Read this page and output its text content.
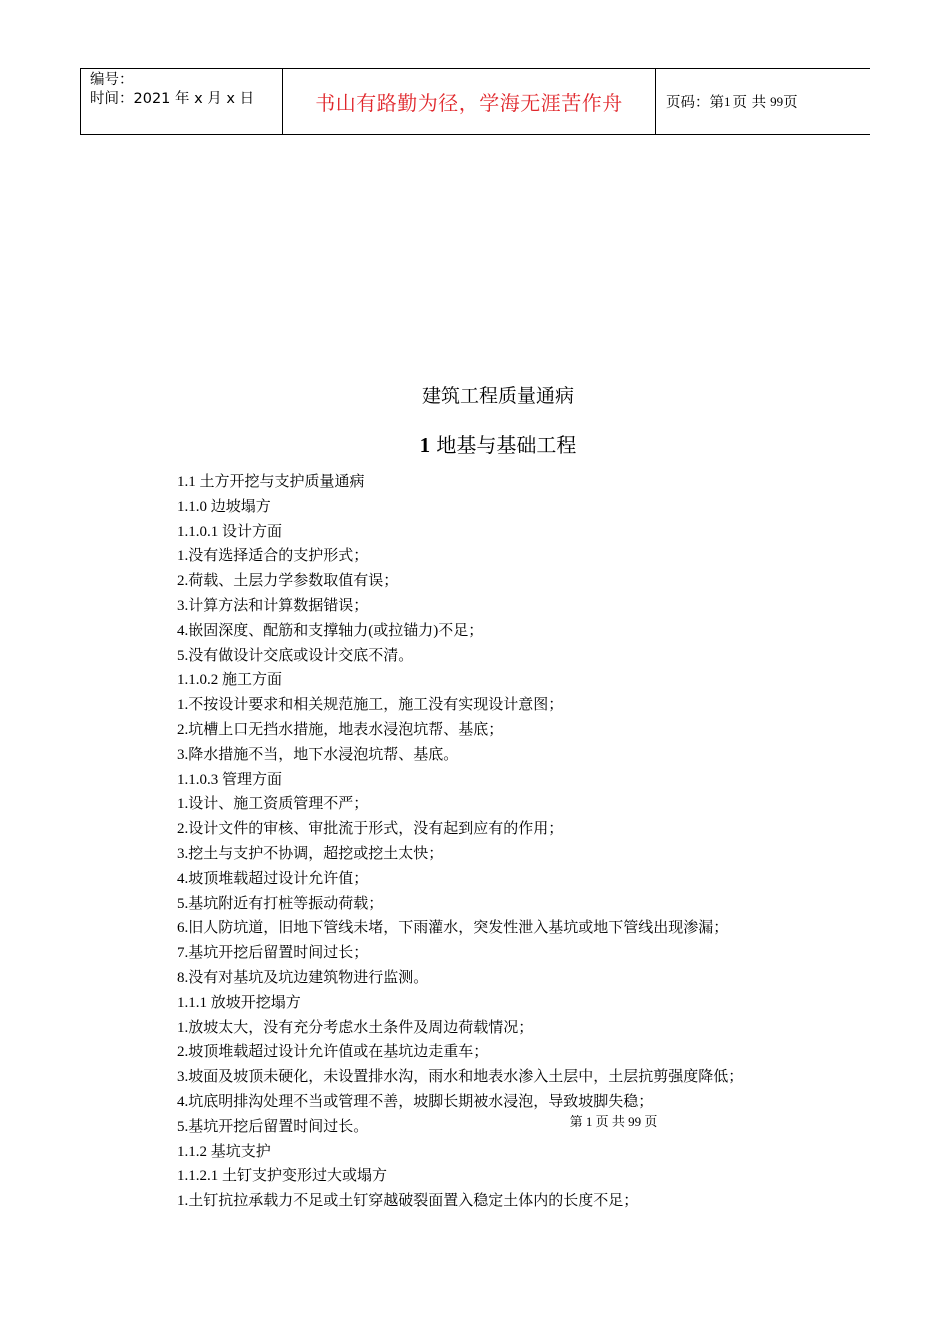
编号：
时间：2021 年 x 月 x 日	书山有路勤为径，学海无涯苦作舟	页码：第 1 页 共 99 页
建筑工程质量通病
1 地基与基础工程
1.1 土方开挖与支护质量通病
1.1.0 边坡塌方
1.1.0.1 设计方面
1.没有选择适合的支护形式；
2.荷载、土层力学参数取值有误；
3.计算方法和计算数据错误；
4.嵌固深度、配筋和支撑轴力(或拉锚力)不足；
5.没有做设计交底或设计交底不清。
1.1.0.2 施工方面
1.不按设计要求和相关规范施工，施工没有实现设计意图；
2.坑槽上口无挡水措施，地表水浸泡坑帮、基底；
3.降水措施不当，地下水浸泡坑帮、基底。
1.1.0.3 管理方面
1.设计、施工资质管理不严；
2.设计文件的审核、审批流于形式，没有起到应有的作用；
3.挖土与支护不协调，超挖或挖土太快；
4.坡顶堆载超过设计允许值；
5.基坑附近有打桩等振动荷载；
6.旧人防坑道，旧地下管线未堵，下雨灌水，突发性泄入基坑或地下管线出现渗漏；
7.基坑开挖后留置时间过长；
8.没有对基坑及坑边建筑物进行监测。
1.1.1 放坡开挖塌方
1.放坡太大，没有充分考虑水土条件及周边荷载情况；
2.坡顶堆载超过设计允许值或在基坑边走重车；
3.坡面及坡顶未硬化，未设置排水沟，雨水和地表水渗入土层中，土层抗剪强度降低；
4.坑底明排沟处理不当或管理不善，坡脚长期被水浸泡，导致坡脚失稳；
5.基坑开挖后留置时间过长。
1.1.2 基坑支护
1.1.2.1 土钉支护变形过大或塌方
1.土钉抗拉承载力不足或土钉穿越破裂面置入稳定土体内的长度不足；
第 1 页 共 99 页
